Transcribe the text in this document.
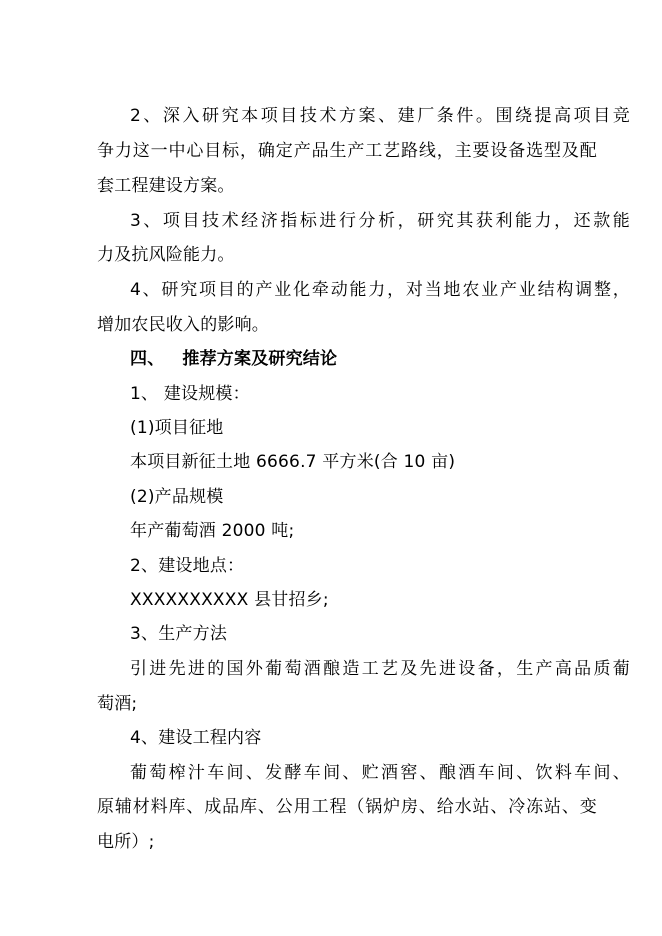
2、深入研究本项目技术方案、建厂条件。围绕提高项目竞
争力这一中心目标，确定产品生产工艺路线，主要设备选型及配
套工程建设方案。
3、项目技术经济指标进行分析，研究其获利能力，还款能
力及抗风险能力。
4、研究项目的产业化牵动能力，对当地农业产业结构调整，
增加农民收入的影响。
四、 推荐方案及研究结论
1、 建设规模：
(1)项目征地
本项目新征土地 6666.7 平方米(合 10 亩)
(2)产品规模
年产葡萄酒 2000 吨;
2、建设地点：
XXXXXXXXXX 县甘招乡;
3、生产方法
引进先进的国外葡萄酒酿造工艺及先进设备，生产高品质葡
萄酒;
4、建设工程内容
葡萄榨汁车间、发酵车间、贮酒窖、酿酒车间、饮料车间、
原辅材料库、成品库、公用工程（锅炉房、给水站、冷冻站、变
电所）;
